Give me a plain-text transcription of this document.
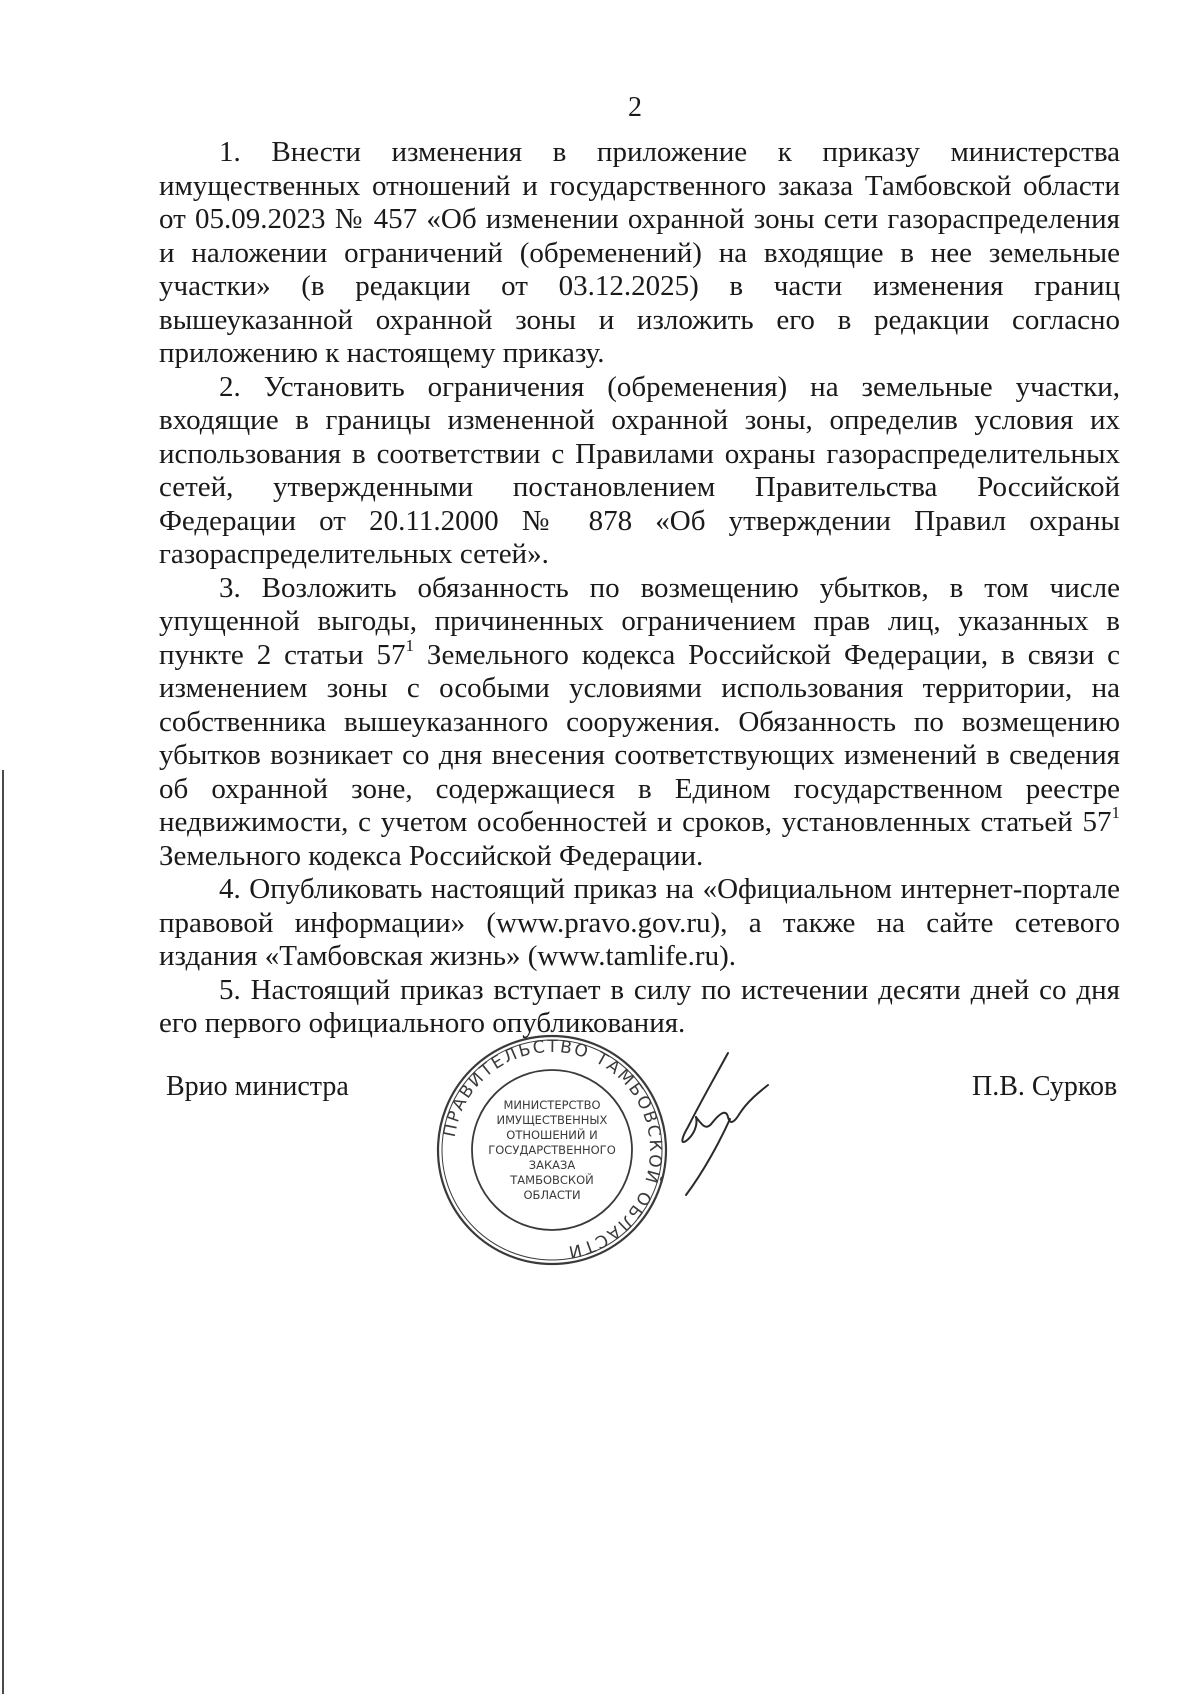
2

1. Внести изменения в приложение к приказу министерства имущественных отношений и государственного заказа Тамбовской области от 05.09.2023 № 457 «Об изменении охранной зоны сети газораспределения и наложении ограничений (обременений) на входящие в нее земельные участки» (в редакции от 03.12.2025) в части изменения границ вышеуказанной охранной зоны и изложить его в редакции согласно приложению к настоящему приказу.

2. Установить ограничения (обременения) на земельные участки, входящие в границы измененной охранной зоны, определив условия их использования в соответствии с Правилами охраны газораспределительных сетей, утвержденными постановлением Правительства Российской Федерации от 20.11.2000 № 878 «Об утверждении Правил охраны газораспределительных сетей».

3. Возложить обязанность по возмещению убытков, в том числе упущенной выгоды, причиненных ограничением прав лиц, указанных в пункте 2 статьи $57^1$ Земельного кодекса Российской Федерации, в связи с изменением зоны с особыми условиями использования территории, на собственника вышеуказанного сооружения. Обязанность по возмещению убытков возникает со дня внесения соответствующих изменений в сведения об охранной зоне, содержащиеся в Едином государственном реестре недвижимости, с учетом особенностей и сроков, установленных статьей $57^1$ Земельного кодекса Российской Федерации.

4. Опубликовать настоящий приказ на «Официальном интернет-портале правовой информации» (www.pravo.gov.ru), а также на сайте сетевого издания «Тамбовская жизнь» (www.tamlife.ru).

5. Настоящий приказ вступает в силу по истечении десяти дней со дня его первого официального опубликования.

Врио министра
ПРАВИТЕЛЬСТВО ТАМБОВСКОЙ ОБЛАСТИ
МИНИСТЕРСТВО
ИМУЩЕСТВЕННЫХ
ОТНОШЕНИЙ И
ГОСУДАРСТВЕННОГО
ЗАКАЗА
ТАМБОВСКОЙ
ОБЛАСТИ
П.В. Сурков
